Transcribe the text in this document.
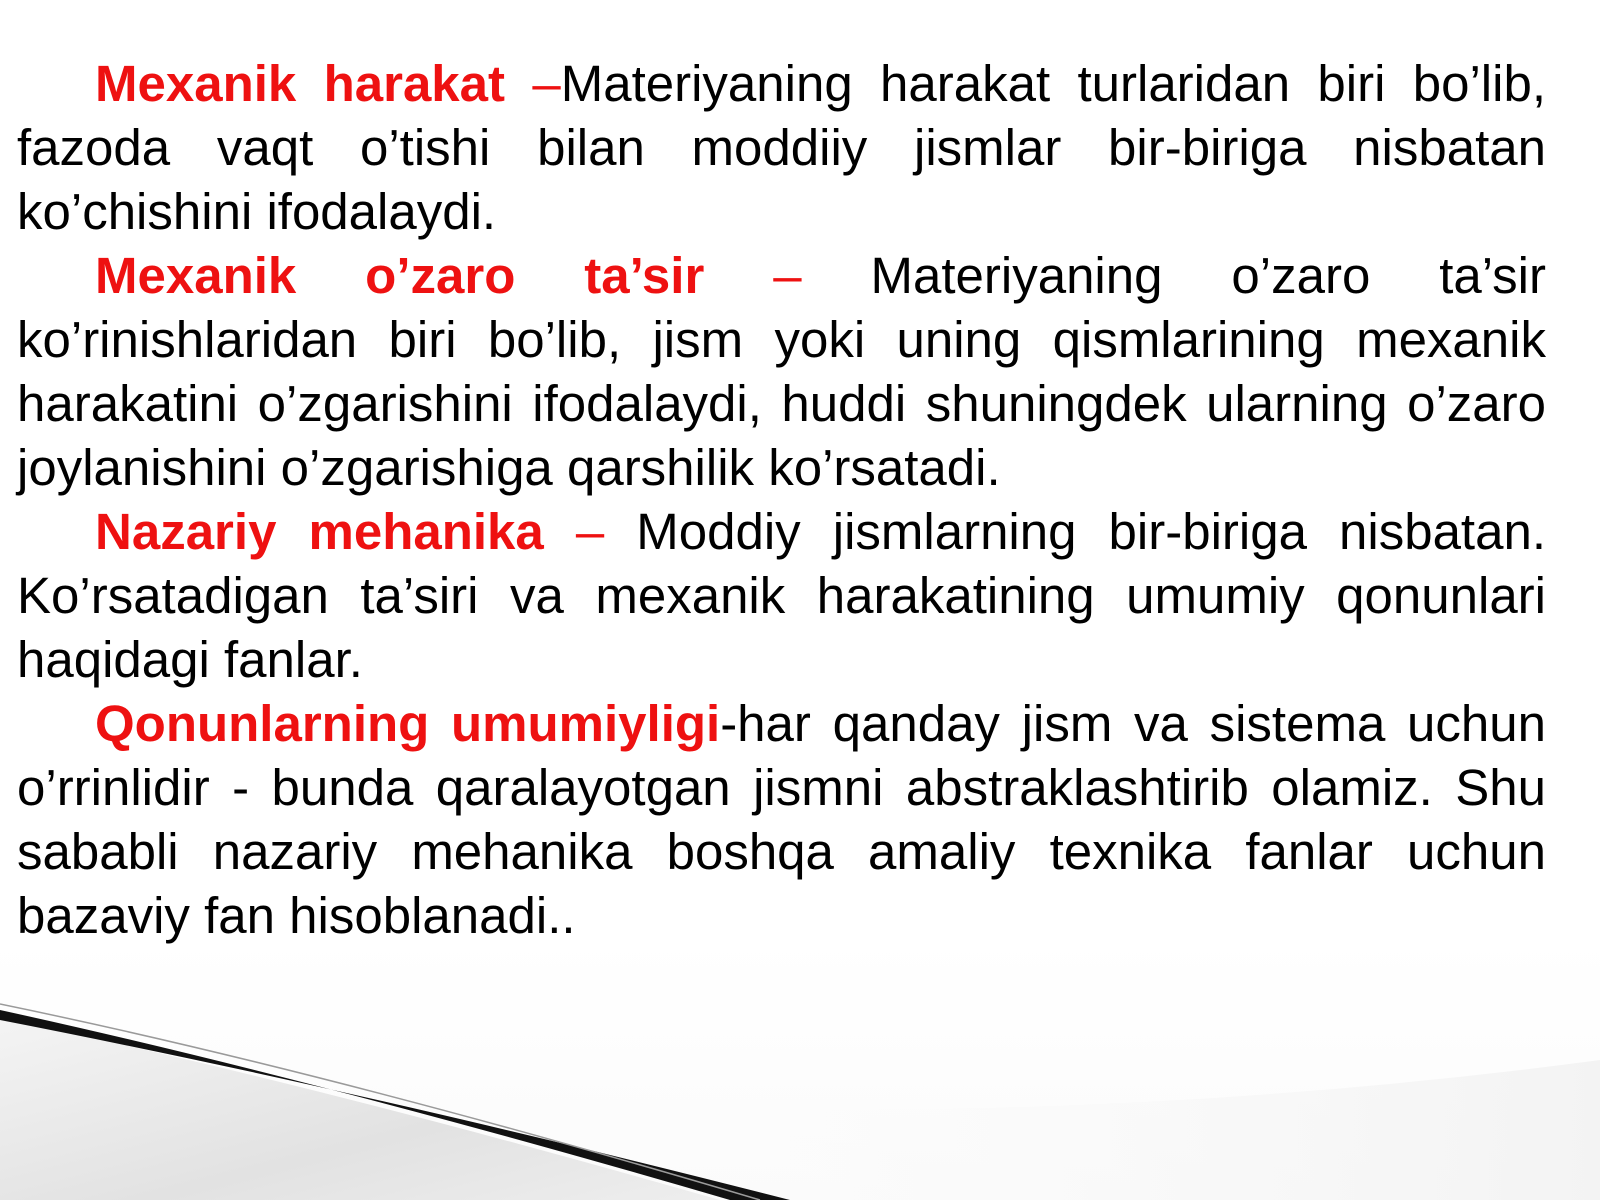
Mexanik harakat –Materiyaning harakat turlaridan biri bo’lib, fazoda vaqt o’tishi bilan moddiiy jismlar bir-biriga nisbatan ko’chishini ifodalaydi.

Mexanik o’zaro ta’sir – Materiyaning o’zaro ta’sir ko’rinishlaridan biri bo’lib, jism yoki uning qismlarining mexanik harakatini o’zgarishini ifodalaydi, huddi shuningdek ularning o’zaro joylanishini o’zgarishiga qarshilik ko’rsatadi.

Nazariy mehanika – Moddiy jismlarning bir-biriga nisbatan. Ko’rsatadigan ta’siri va mexanik harakatining umumiy qonunlari haqidagi fanlar.

Qonunlarning umumiyligi-har qanday jism va sistema uchun o’rrinlidir - bunda qaralayotgan jismni abstraklashtirib olamiz. Shu sababli nazariy mehanika boshqa amaliy texnika fanlar uchun bazaviy fan hisoblanadi..
